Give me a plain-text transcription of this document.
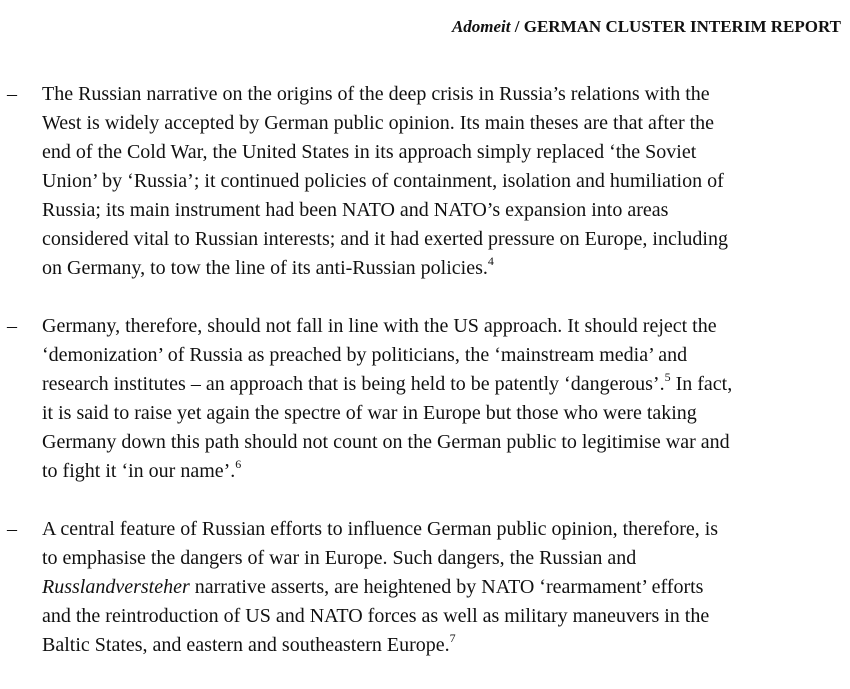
Adomeit / GERMAN CLUSTER INTERIM REPORT
– The Russian narrative on the origins of the deep crisis in Russia’s relations with the
West is widely accepted by German public opinion. Its main theses are that after the
end of the Cold War, the United States in its approach simply replaced ‘the Soviet
Union’ by ‘Russia’; it continued policies of containment, isolation and humiliation of
Russia; its main instrument had been NATO and NATO’s expansion into areas
considered vital to Russian interests; and it had exerted pressure on Europe, including
on Germany, to tow the line of its anti-Russian policies.$^4$
– Germany, therefore, should not fall in line with the US approach. It should reject the
‘demonization’ of Russia as preached by politicians, the ‘mainstream media’ and
research institutes – an approach that is being held to be patently ‘dangerous’.$^5$ In fact,
it is said to raise yet again the spectre of war in Europe but those who were taking
Germany down this path should not count on the German public to legitimise war and
to fight it ‘in our name’.$^6$
– A central feature of Russian efforts to influence German public opinion, therefore, is
to emphasise the dangers of war in Europe. Such dangers, the Russian and
Russlandversteher narrative asserts, are heightened by NATO ‘rearmament’ efforts
and the reintroduction of US and NATO forces as well as military maneuvers in the
Baltic States, and eastern and southeastern Europe.$^7$
